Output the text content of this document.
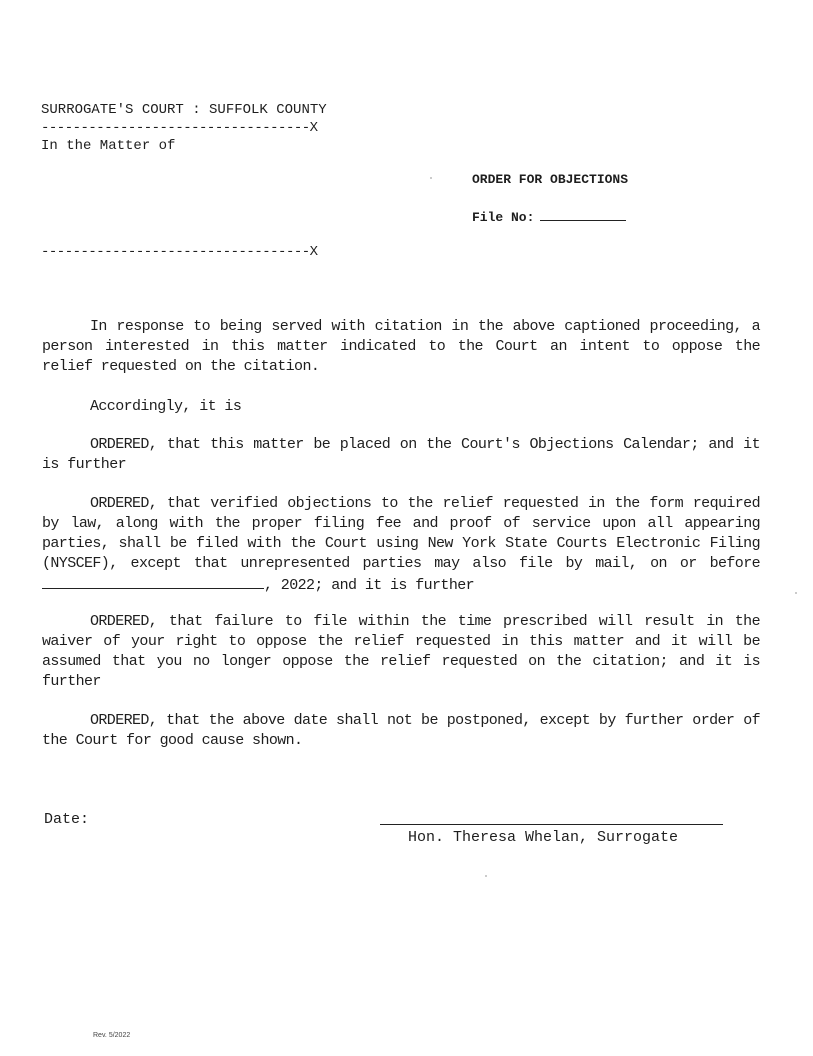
SURROGATE'S COURT : SUFFOLK COUNTY
----------------------------------X
In the Matter of
----------------------------------X
ORDER FOR OBJECTIONS
File No:
In response to being served with citation in the above captioned proceeding, a person interested in this matter indicated to the Court an intent to oppose the relief requested on the citation.
Accordingly, it is
ORDERED, that this matter be placed on the Court's Objections Calendar; and it is further
ORDERED, that verified objections to the relief requested in the form required by law, along with the proper filing fee and proof of service upon all appearing parties, shall be filed with the Court using New York State Courts Electronic Filing (NYSCEF), except that unrepresented parties may also file by mail, on or before , 2022; and it is further
ORDERED, that failure to file within the time prescribed will result in the waiver of your right to oppose the relief requested in this matter and it will be assumed that you no longer oppose the relief requested on the citation; and it is further
ORDERED, that the above date shall not be postponed, except by further order of the Court for good cause shown.
Date:
Hon. Theresa Whelan, Surrogate
Rev. 5/2022
